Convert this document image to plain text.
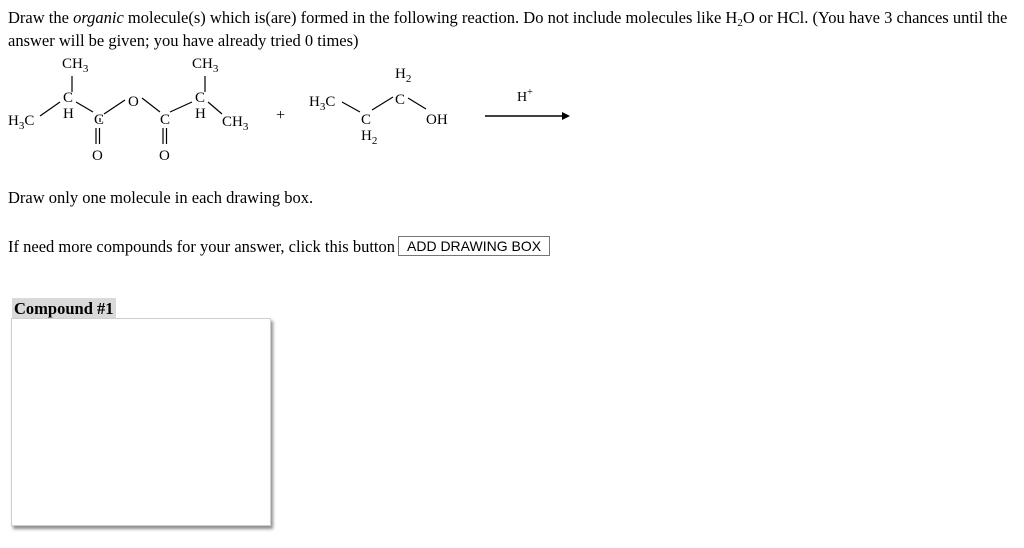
Draw the organic molecule(s) which is(are) formed in the following reaction. Do not include molecules like $H_2O$ or HCl. (You have 3 chances until the answer will be given; you have already tried 0 times)
$CH_3$	$CH_3$
C
H
C
H
$H_3C$	C
O
C
O	O
$CH_3$
+
$H_3C$
C
$H_2$
$H_2$
C
OH
H+
Draw only one molecule in each drawing box.
If need more compounds for your answer, click this button ADD DRAWING BOX
Compound #1
